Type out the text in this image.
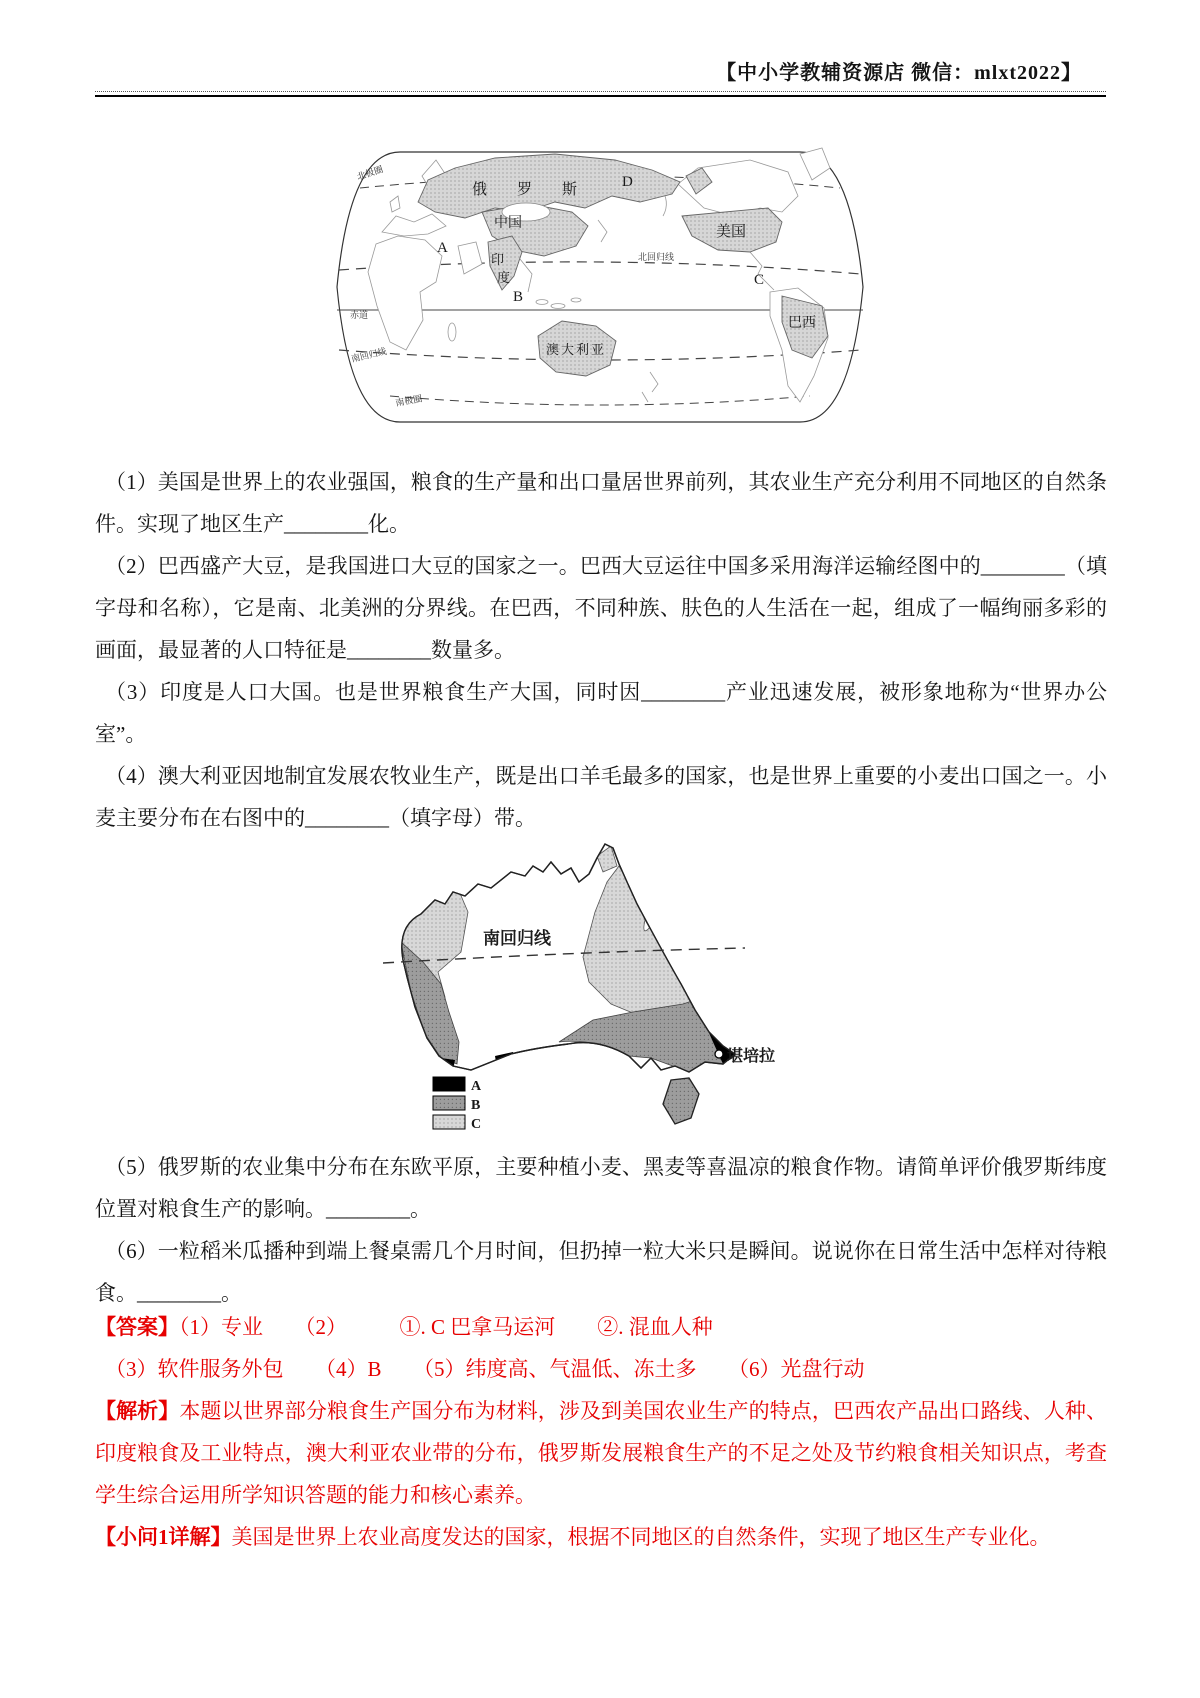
【中小学教辅资源店 微信：mlxt2022】
俄罗斯
中国
印
度
美国
巴西
澳大利亚
A
B
C
D
北极圈
北回归线
赤道
南回归线
南极圈

（1）美国是世界上的农业强国，粮食的生产量和出口量居世界前列，其农业生产充分利用不同地区的自然条件。实现了地区生产________化。

（2）巴西盛产大豆，是我国进口大豆的国家之一。巴西大豆运往中国多采用海洋运输经图中的________（填字母和名称），它是南、北美洲的分界线。在巴西，不同种族、肤色的人生活在一起，组成了一幅绚丽多彩的画面，最显著的人口特征是________数量多。

（3）印度是人口大国。也是世界粮食生产大国，同时因________产业迅速发展，被形象地称为“世界办公室”。

（4）澳大利亚因地制宜发展农牧业生产，既是出口羊毛最多的国家，也是世界上重要的小麦出口国之一。小麦主要分布在右图中的________（填字母）带。

南回归线
堪培拉
A
B
C

（5）俄罗斯的农业集中分布在东欧平原，主要种植小麦、黑麦等喜温凉的粮食作物。请简单评价俄罗斯纬度位置对粮食生产的影响。________。

（6）一粒稻米瓜播种到端上餐桌需几个月时间，但扔掉一粒大米只是瞬间。说说你在日常生活中怎样对待粮食。________。

【答案】（1）专业　　（2）　　　①. C 巴拿马运河　　②. 混血人种

（3）软件服务外包　　（4）B　　（5）纬度高、气温低、冻土多　　（6）光盘行动

【解析】本题以世界部分粮食生产国分布为材料，涉及到美国农业生产的特点，巴西农产品出口路线、人种、印度粮食及工业特点，澳大利亚农业带的分布，俄罗斯发展粮食生产的不足之处及节约粮食相关知识点，考查学生综合运用所学知识答题的能力和核心素养。

【小问1详解】美国是世界上农业高度发达的国家，根据不同地区的自然条件，实现了地区生产专业化。
